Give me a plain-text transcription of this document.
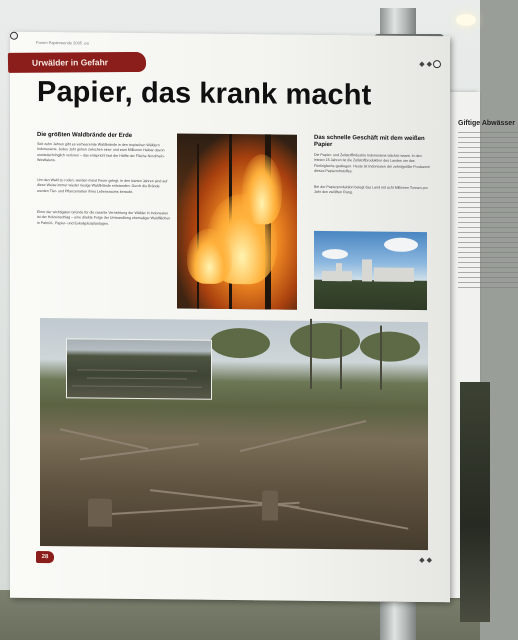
Giftige Abwässer
Forum Papierwende 2005 .ea
Urwälder in Gefahr
Papier, das krank macht
Die größten Waldbrände der Erde
Seit zehn Jahren gibt es verheerende Waldbrände in den tropischen Wäldern Indonesiens. Jedes Jahr gehen zwischen einer und zwei Millionen Hektar davon unwiederbringlich verloren – das entspricht fast der Hälfte der Fläche Nordrhein-Westfalens.
Um den Wald zu roden, werden meist Feuer gelegt. In den letzten Jahren sind auf diese Weise immer wieder riesige Waldbrände entstanden. Durch die Brände werden Tier- und Pflanzenarten ihres Lebensraums beraubt.
Einer der wichtigsten Gründe für die rasante Vernichtung der Wälder in Indonesien ist der Holzeinschlag – eine direkte Folge der Umwandlung ehemaliger Waldflächen in Palmöl-, Papier- und Eukalyptusplantagen.
Das schnelle Geschäft mit dem weißen Papier
Die Papier- und Zellstoffindustrie Indonesiens wächst rasant. In den letzten 15 Jahren ist die Zellstoffproduktion des Landes um das Fünfzigfache gestiegen. Heute ist Indonesien der zehntgrößte Produzent dieses Papierrohstoffes.
Bei der Papierproduktion belegt das Land mit acht Millionen Tonnen pro Jahr den zwölften Rang.
28
◆◆
◆◆
